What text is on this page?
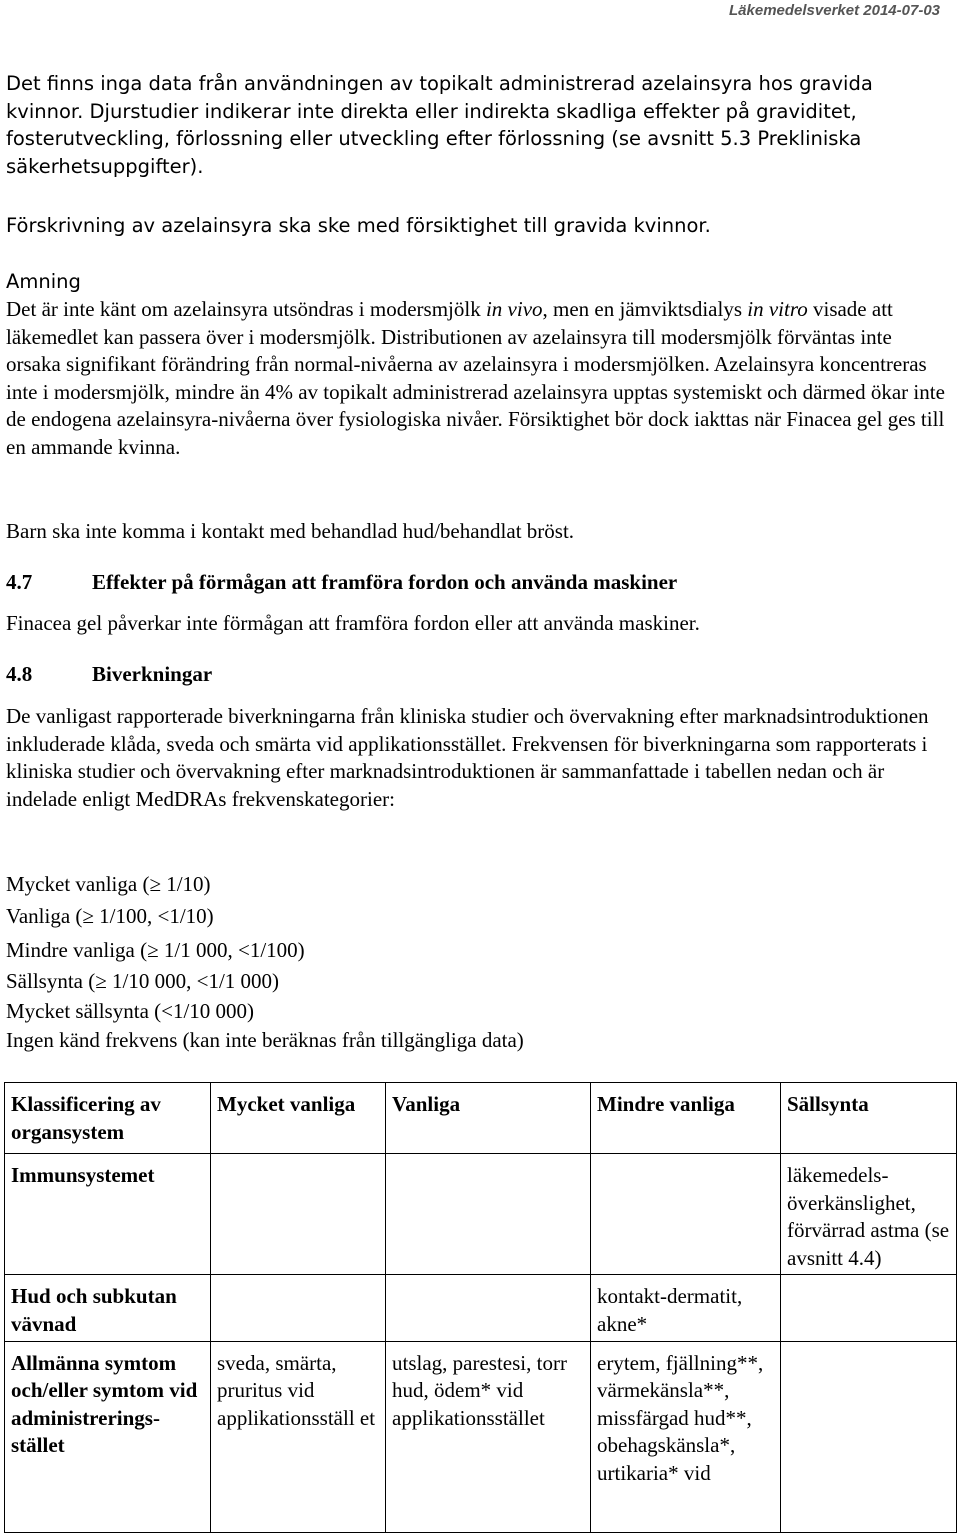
Läkemedelsverket 2014-07-03

Det finns inga data från användningen av topikalt administrerad azelainsyra hos gravida kvinnor. Djurstudier indikerar inte direkta eller indirekta skadliga effekter på graviditet, fosterutveckling, förlossning eller utveckling efter förlossning (se avsnitt 5.3 Prekliniska säkerhetsuppgifter).

Förskrivning av azelainsyra ska ske med försiktighet till gravida kvinnor.

Amning

Det är inte känt om azelainsyra utsöndras i modersmjölk in vivo, men en jämviktsdialys in vitro visade att läkemedlet kan passera över i modersmjölk. Distributionen av azelainsyra till modersmjölk förväntas inte orsaka signifikant förändring från normal-nivåerna av azelainsyra i modersmjölken. Azelainsyra koncentreras inte i modersmjölk, mindre än 4% av topikalt administrerad azelainsyra upptas systemiskt och därmed ökar inte de endogena azelainsyra-nivåerna över fysiologiska nivåer. Försiktighet bör dock iakttas när Finacea gel ges till en ammande kvinna.

Barn ska inte komma i kontakt med behandlad hud/behandlat bröst.

4.7	Effekter på förmågan att framföra fordon och använda maskiner

Finacea gel påverkar inte förmågan att framföra fordon eller att använda maskiner.

4.8	Biverkningar

De vanligast rapporterade biverkningarna från kliniska studier och övervakning efter marknadsintroduktionen inkluderade klåda, sveda och smärta vid applikationsstället. Frekvensen för biverkningarna som rapporterats i kliniska studier och övervakning efter marknadsintroduktionen är sammanfattade i tabellen nedan och är indelade enligt MedDRAs frekvenskategorier:

Mycket vanliga (≥ 1/10)
Vanliga (≥ 1/100, <1/10)
Mindre vanliga (≥ 1/1 000, <1/100)
Sällsynta (≥ 1/10 000, <1/1 000)
Mycket sällsynta (<1/10 000)
Ingen känd frekvens (kan inte beräknas från tillgängliga data)
Klassificering av organsystem	Mycket vanliga	Vanliga	Mindre vanliga	Sällsynta
Immunsystemet				läkemedels-överkänslighet, förvärrad astma (se avsnitt 4.4)
Hud och subkutan vävnad			kontakt-dermatit, akne*	
Allmänna symtom och/eller symtom vid administrerings-stället	sveda, smärta, pruritus vid applikationsställ et	utslag, parestesi, torr hud, ödem* vid applikationsstället	erytem, fjällning**, värmekänsla**, missfärgad hud**, obehagskänsla*, urtikaria* vid	
